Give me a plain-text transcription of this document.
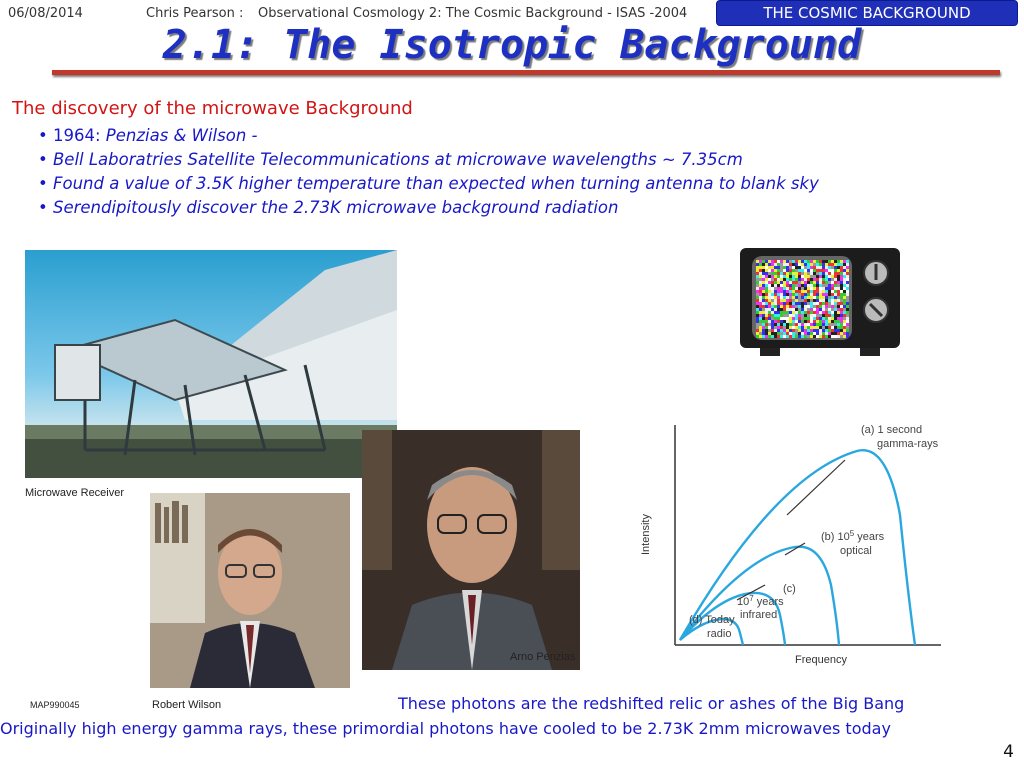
06/08/2014	Chris Pearson : Observational Cosmology 2: The Cosmic Background - ISAS -2004	THE COSMIC BACKGROUND
2.1: The Isotropic Background
The discovery of the microwave Background
• 1964: Penzias & Wilson -
• Bell Laboratries Satellite Telecommunications at microwave wavelengths ~ 7.35cm
• Found a value of 3.5K higher temperature than expected when turning antenna to blank sky
• Serendipitously discover the 2.73K microwave background radiation
Microwave Receiver
Robert Wilson
MAP990045
Arno Penzias	Frequency
Intensity
(a) 1 second
gamma-rays
(b) $10^5$ years
optical
(c)
$10^7$ years
infrared
(d) Today
radio
These photons are the redshifted relic or ashes of the Big Bang
Originally high energy gamma rays, these primordial photons have cooled to be 2.73K 2mm microwaves today
4
